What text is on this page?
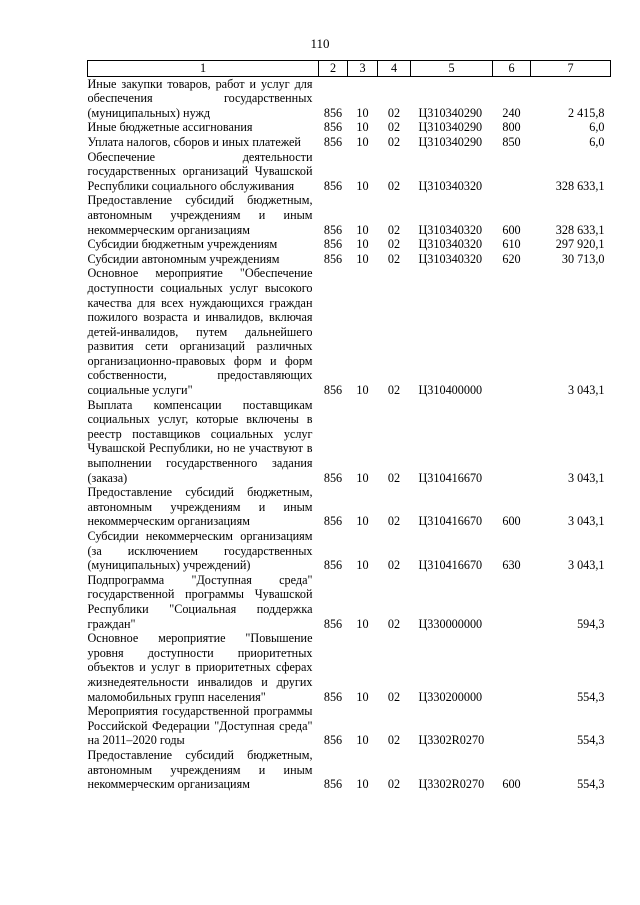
110
1	2	3	4	5	6	7
Иные закупки товаров, работ и услуг для обеспечения государственных (муниципальных) нужд	856	10	02	Ц310340290	240	2 415,8
Иные бюджетные ассигнования	856	10	02	Ц310340290	800	6,0
Уплата налогов, сборов и иных платежей	856	10	02	Ц310340290	850	6,0
Обеспечение деятельности государственных организаций Чувашской Республики социального обслуживания	856	10	02	Ц310340320		328 633,1
Предоставление субсидий бюджетным, автономным учреждениям и иным некоммерческим организациям	856	10	02	Ц310340320	600	328 633,1
Субсидии бюджетным учреждениям	856	10	02	Ц310340320	610	297 920,1
Субсидии автономным учреждениям	856	10	02	Ц310340320	620	30 713,0
Основное мероприятие "Обеспечение доступности социальных услуг высокого качества для всех нуждающихся граждан пожилого возраста и инвалидов, включая детей-инвалидов, путем дальнейшего развития сети организаций различных организационно-правовых форм и форм собственности, предоставляющих социальные услуги"	856	10	02	Ц310400000		3 043,1
Выплата компенсации поставщикам социальных услуг, которые включены в реестр поставщиков социальных услуг Чувашской Республики, но не участвуют в выполнении государственного задания (заказа)	856	10	02	Ц310416670		3 043,1
Предоставление субсидий бюджетным, автономным учреждениям и иным некоммерческим организациям	856	10	02	Ц310416670	600	3 043,1
Субсидии некоммерческим организациям (за исключением государственных (муниципальных) учреждений)	856	10	02	Ц310416670	630	3 043,1
Подпрограмма "Доступная среда" государственной программы Чувашской Республики "Социальная поддержка граждан"	856	10	02	Ц330000000		594,3
Основное мероприятие "Повышение уровня доступности приоритетных объектов и услуг в приоритетных сферах жизнедеятельности инвалидов и других маломобильных групп населения"	856	10	02	Ц330200000		554,3
Мероприятия государственной программы Российской Федерации "Доступная среда" на 2011–2020 годы	856	10	02	Ц3302R0270		554,3
Предоставление субсидий бюджетным, автономным учреждениям и иным некоммерческим организациям	856	10	02	Ц3302R0270	600	554,3
